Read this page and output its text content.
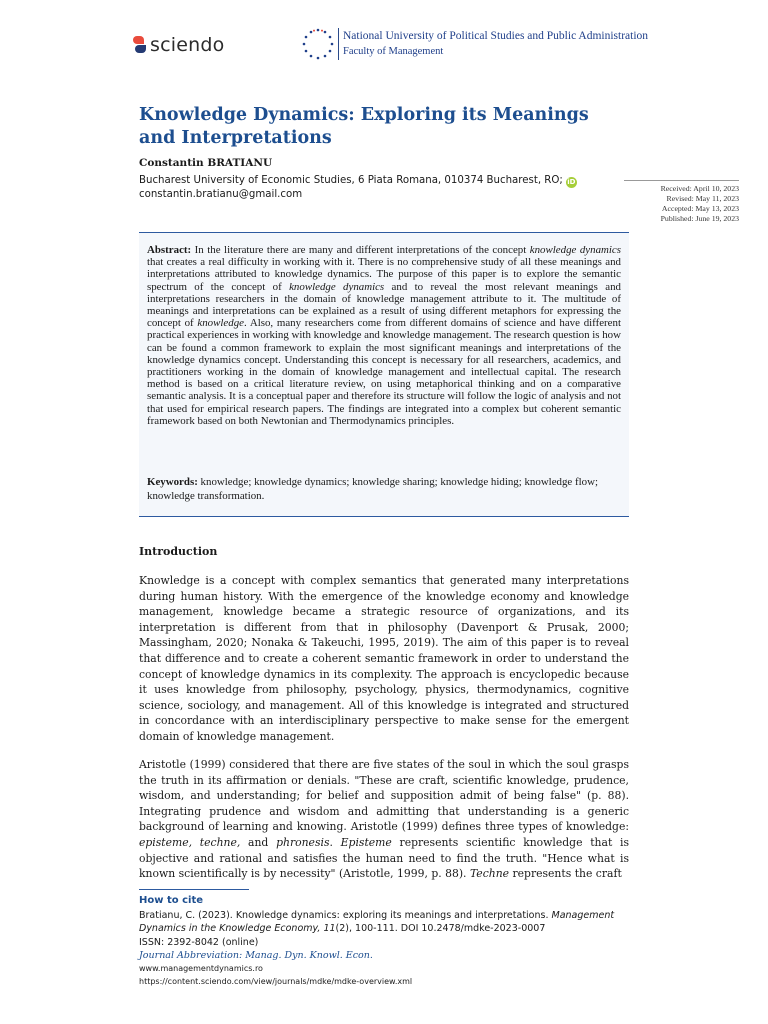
sciendo	National University of Political Studies and Public Administration
Faculty of Management
Knowledge Dynamics: Exploring its Meanings and Interpretations
Constantin BRATIANU
Bucharest University of Economic Studies, 6 Piata Romana, 010374 Bucharest, RO; iD
constantin.bratianu@gmail.com
Received: April 10, 2023
Revised: May 11, 2023
Accepted: May 13, 2023
Published: June 19, 2023

Abstract: In the literature there are many and different interpretations of the concept knowledge dynamics that creates a real difficulty in working with it. There is no comprehensive study of all these meanings and interpretations attributed to knowledge dynamics. The purpose of this paper is to explore the semantic spectrum of the concept of knowledge dynamics and to reveal the most relevant meanings and interpretations researchers in the domain of knowledge management attribute to it. The multitude of meanings and interpretations can be explained as a result of using different metaphors for expressing the concept of knowledge. Also, many researchers come from different domains of science and have different practical experiences in working with knowledge and knowledge management. The research question is how can be found a common framework to explain the most significant meanings and interpretations of the knowledge dynamics concept. Understanding this concept is necessary for all researchers, academics, and practitioners working in the domain of knowledge management and intellectual capital. The research method is based on a critical literature review, on using metaphorical thinking and on a comparative semantic analysis. It is a conceptual paper and therefore its structure will follow the logic of analysis and not that used for empirical research papers. The findings are integrated into a complex but coherent semantic framework based on both Newtonian and Thermodynamics principles.

Keywords: knowledge; knowledge dynamics; knowledge sharing; knowledge hiding; knowledge flow; knowledge transformation.

Introduction

Knowledge is a concept with complex semantics that generated many interpretations during human history. With the emergence of the knowledge economy and knowledge management, knowledge became a strategic resource of organizations, and its interpretation is different from that in philosophy (Davenport & Prusak, 2000; Massingham, 2020; Nonaka & Takeuchi, 1995, 2019). The aim of this paper is to reveal that difference and to create a coherent semantic framework in order to understand the concept of knowledge dynamics in its complexity. The approach is encyclopedic because it uses knowledge from philosophy, psychology, physics, thermodynamics, cognitive science, sociology, and management. All of this knowledge is integrated and structured in concordance with an interdisciplinary perspective to make sense for the emergent domain of knowledge management.

Aristotle (1999) considered that there are five states of the soul in which the soul grasps the truth in its affirmation or denials. "These are craft, scientific knowledge, prudence, wisdom, and understanding; for belief and supposition admit of being false" (p. 88). Integrating prudence and wisdom and admitting that understanding is a generic background of learning and knowing. Aristotle (1999) defines three types of knowledge: episteme, techne, and phronesis. Episteme represents scientific knowledge that is objective and rational and satisfies the human need to find the truth. "Hence what is known scientifically is by necessity" (Aristotle, 1999, p. 88). Techne represents the craft

How to cite

Bratianu, C. (2023). Knowledge dynamics: exploring its meanings and interpretations. Management Dynamics in the Knowledge Economy, 11(2), 100-111. DOI 10.2478/mdke-2023-0007
ISSN: 2392-8042 (online)

Journal Abbreviation: Manag. Dyn. Knowl. Econ.

www.managementdynamics.ro

https://content.sciendo.com/view/journals/mdke/mdke-overview.xml
